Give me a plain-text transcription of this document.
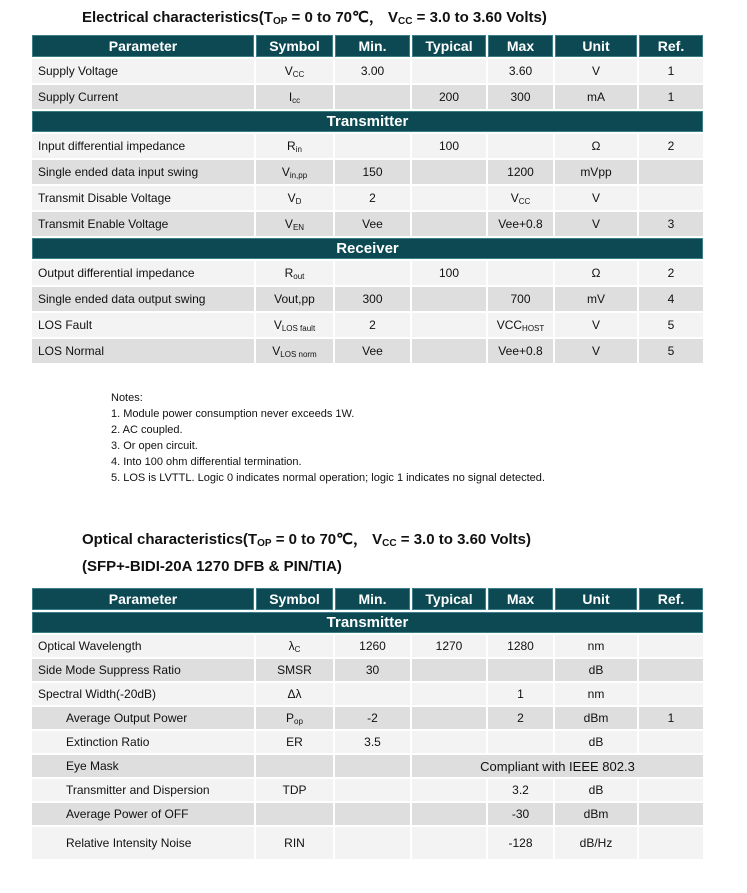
Electrical $characteristics(T_{OP} = 0$ to 70℃， $V_{CC} = 3.0$ to 3.60 Volts)
Parameter	Symbol	Min.	Typical	Max	Unit	Ref.
Supply Voltage	$V_{CC}$	3.00		3.60	V	1
Supply Current	$I_{cc}$		200	300	mA	1
Transmitter						
Input differential impedance	$R_{in}$		100		Ω	2
Single ended data input swing	$V_{in,pp}$	150		1200	mVpp	
Transmit Disable Voltage	$V_D$	2		$V_{CC}$	V	
Transmit Enable Voltage	$V_{EN}$	Vee		Vee+0.8	V	3
Receiver						
Output differential impedance	$R_{out}$		100		Ω	2
Single ended data output swing	Vout,pp	300		700	mV	4
LOS Fault	$V_{LOS fault}$	2		$VCC_{HOST}$	V	5
LOS Normal	$V_{LOS norm}$	Vee		Vee+0.8	V	5
Notes:
1. Module power consumption never exceeds 1W.
2. AC coupled.
3. Or open circuit.
4. Into 100 ohm differential termination.
5. LOS is LVTTL. Logic 0 indicates normal operation; logic 1 indicates no signal detected.
Optical $characteristics(T_{OP} = 0$ to 70℃， $V_{CC} = 3.0$ to 3.60 Volts)
(SFP+-BIDI-20A 1270 DFB & PIN/TIA)
Parameter	Symbol	Min.	Typical	Max	Unit	Ref.	
Transmitter							
Optical Wavelength	$\lambda_C$	1260	1270	1280	nm		
Side Mode Suppress Ratio	SMSR	30			dB		
Spectral Width(-20dB)	Δλ			1	nm		
Average Output Power	$P_{op}$	-2		2	dBm	1	
Extinction Ratio	ER	3.5			dB		
Eye Mask			Compliant with IEEE 802.3				
Transmitter and Dispersion	TDP			3.2	dB		
Average Power of OFF				-30	dBm		
Relative Intensity Noise	RIN			-128	dB/Hz		
